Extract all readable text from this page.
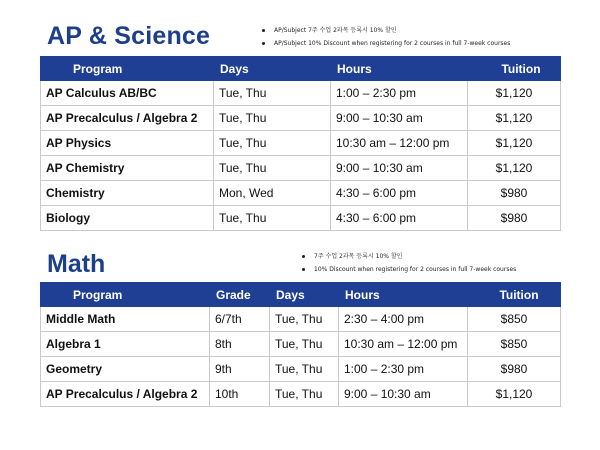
AP & Science	AP/Subject 7주 수업 2과목 등록시 10% 할인
AP/Subject 10% Discount when registering for 2 courses in full 7-week courses
Program	Days	Hours	Tuition
AP Calculus AB/BC	Tue, Thu	1:00 – 2:30 pm	$1,120
AP Precalculus / Algebra 2	Tue, Thu	9:00 – 10:30 am	$1,120
AP Physics	Tue, Thu	10:30 am – 12:00 pm	$1,120
AP Chemistry	Tue, Thu	9:00 – 10:30 am	$1,120
Chemistry	Mon, Wed	4:30 – 6:00 pm	$980
Biology	Tue, Thu	4:30 – 6:00 pm	$980
Math	7주 수업 2과목 등록시 10% 할인
10% Discount when registering for 2 courses in full 7-week courses
Program	Grade	Days	Hours	Tuition
Middle Math	6/7th	Tue, Thu	2:30 – 4:00 pm	$850
Algebra 1	8th	Tue, Thu	10:30 am – 12:00 pm	$850
Geometry	9th	Tue, Thu	1:00 – 2:30 pm	$980
AP Precalculus / Algebra 2	10th	Tue, Thu	9:00 – 10:30 am	$1,120
